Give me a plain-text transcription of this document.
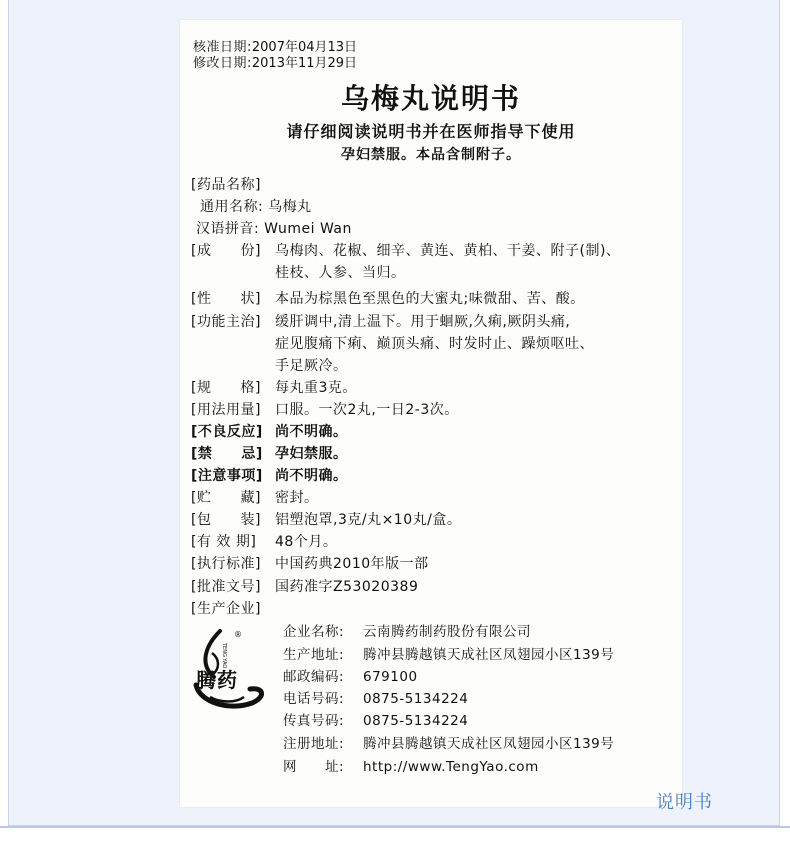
核准日期:2007年04月13日
修改日期:2013年11月29日
乌梅丸说明书
请仔细阅读说明书并在医师指导下使用
孕妇禁服。本品含制附子。
[药品名称]
通用名称: 乌梅丸
汉语拼音: Wumei Wan
[成　　份] 乌梅肉、花椒、细辛、黄连、黄柏、干姜、附子(制)、
桂枝、人参、当归。
[性　　状] 本品为棕黑色至黑色的大蜜丸;味微甜、苦、酸。
[功能主治] 缓肝调中,清上温下。用于蛔厥,久痢,厥阴头痛,
症见腹痛下痢、巅顶头痛、时发时止、躁烦呕吐、
手足厥冷。
[规　　格] 每丸重3克。
[用法用量] 口服。一次2丸,一日2-3次。
[不良反应] 尚不明确。
[禁　　忌] 孕妇禁服。
[注意事项] 尚不明确。
[贮　　藏] 密封。
[包　　装] 铝塑泡罩,3克/丸×10丸/盒。
[有 效 期] 48个月。
[执行标准] 中国药典2010年版一部
[批准文号] 国药准字Z53020389
[生产企业]
TENG YAO
®
腾药
企业名称: 云南腾药制药股份有限公司
生产地址: 腾冲县腾越镇天成社区凤翅园小区139号
邮政编码: 679100
电话号码: 0875-5134224
传真号码: 0875-5134224
注册地址: 腾冲县腾越镇天成社区凤翅园小区139号
网　　址: http://www.TengYao.com
说明书
